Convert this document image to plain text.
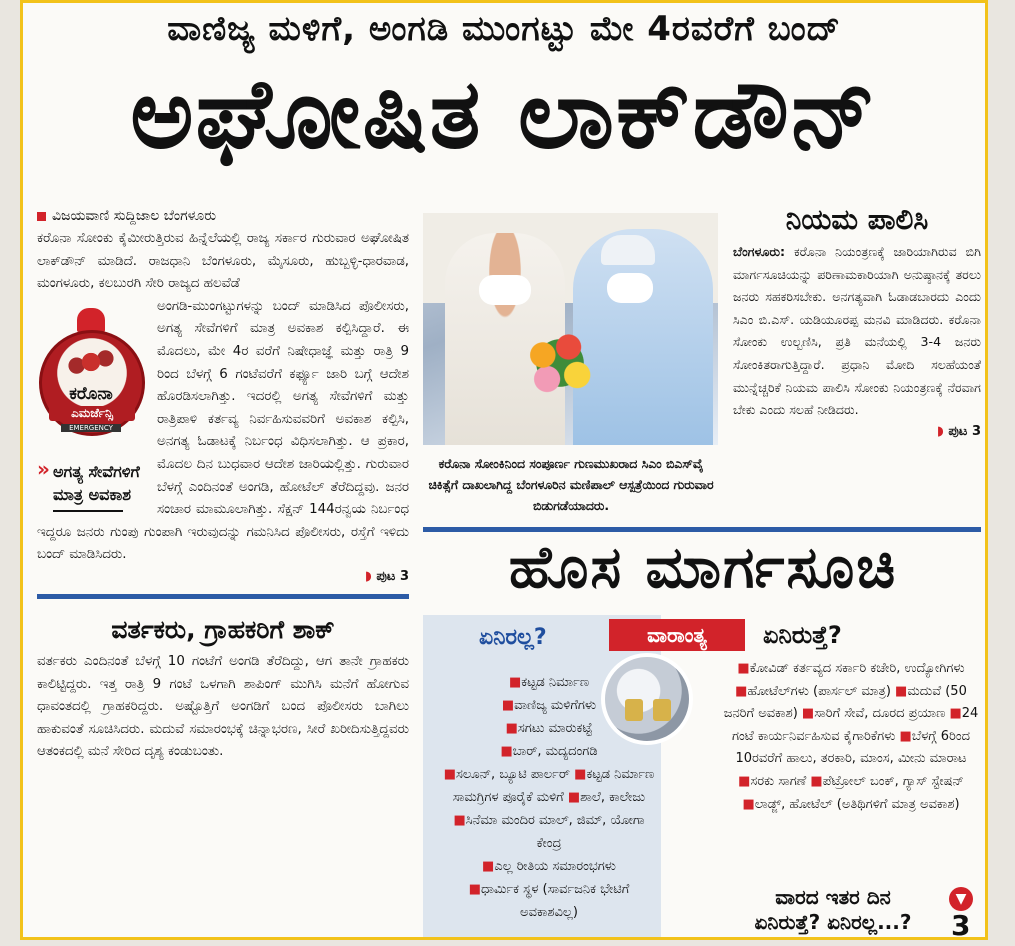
ವಾಣಿಜ್ಯ ಮಳಿಗೆ, ಅಂಗಡಿ ಮುಂಗಟ್ಟು ಮೇ 4ರವರೆಗೆ ಬಂದ್
ಅಘೋಷಿತ ಲಾಕ್‌ಡೌನ್
ವಿಜಯವಾಣಿ ಸುದ್ದಿಜಾಲ ಬೆಂಗಳೂರು
ಕರೊನಾ ಸೋಂಕು ಕೈಮೀರುತ್ತಿರುವ ಹಿನ್ನೆಲೆಯಲ್ಲಿ ರಾಜ್ಯ ಸರ್ಕಾರ ಗುರುವಾರ ಅಘೋಷಿತ ಲಾಕ್‌ಡೌನ್ ಮಾಡಿದೆ. ರಾಜಧಾನಿ ಬೆಂಗಳೂರು, ಮೈಸೂರು, ಹುಬ್ಬಳ್ಳಿ-ಧಾರವಾಡ, ಮಂಗಳೂರು, ಕಲಬುರಗಿ ಸೇರಿ ರಾಜ್ಯದ ಹಲವೆಡೆ
ಕರೊನಾ
ಎಮರ್ಜೆನ್ಸಿ
EMERGENCY
» ಅಗತ್ಯ ಸೇವೆಗಳಿಗೆ ಮಾತ್ರ ಅವಕಾಶ
ಅಂಗಡಿ-ಮುಂಗಟ್ಟುಗಳನ್ನು ಬಂದ್ ಮಾಡಿಸಿದ ಪೊಲೀಸರು, ಅಗತ್ಯ ಸೇವೆಗಳಿಗೆ ಮಾತ್ರ ಅವಕಾಶ ಕಲ್ಪಿಸಿದ್ದಾರೆ. ಈ ಮೊದಲು, ಮೇ 4ರ ವರೆಗೆ ನಿಷೇಧಾಜ್ಞೆ ಮತ್ತು ರಾತ್ರಿ 9 ರಿಂದ ಬೆಳಗ್ಗೆ 6 ಗಂಟೆವರೆಗೆ ಕರ್ಫ್ಯೂ ಜಾರಿ ಬಗ್ಗೆ ಆದೇಶ ಹೊರಡಿಸಲಾಗಿತ್ತು. ಇದರಲ್ಲಿ ಅಗತ್ಯ ಸೇವೆಗಳಿಗೆ ಮತ್ತು ರಾತ್ರಿಪಾಳಿ ಕರ್ತವ್ಯ ನಿರ್ವಹಿಸುವವರಿಗೆ ಅವಕಾಶ ಕಲ್ಪಿಸಿ, ಅನಗತ್ಯ ಓಡಾಟಕ್ಕೆ ನಿರ್ಬಂಧ ವಿಧಿಸಲಾಗಿತ್ತು. ಆ ಪ್ರಕಾರ, ಮೊದಲ ದಿನ ಬುಧವಾರ ಆದೇಶ ಜಾರಿಯಲ್ಲಿತ್ತು. ಗುರುವಾರ ಬೆಳಗ್ಗೆ ಎಂದಿನಂತೆ ಅಂಗಡಿ, ಹೋಟೆಲ್ ತೆರೆದಿದ್ದವು. ಜನರ ಸಂಚಾರ ಮಾಮೂಲಾಗಿತ್ತು. ಸೆಕ್ಷನ್ 144ರನ್ವಯ ನಿರ್ಬಂಧ ಇದ್ದರೂ ಜನರು ಗುಂಪು ಗುಂಪಾಗಿ ಇರುವುದನ್ನು ಗಮನಿಸಿದ ಪೊಲೀಸರು, ರಸ್ತೆಗೆ ಇಳಿದು ಬಂದ್ ಮಾಡಿಸಿದರು.
◗ ಪುಟ 3
ವರ್ತಕರು, ಗ್ರಾಹಕರಿಗೆ ಶಾಕ್
ವರ್ತಕರು ಎಂದಿನಂತೆ ಬೆಳಗ್ಗೆ 10 ಗಂಟೆಗೆ ಅಂಗಡಿ ತೆರೆದಿದ್ದು, ಆಗ ತಾನೇ ಗ್ರಾಹಕರು ಕಾಲಿಟ್ಟಿದ್ದರು. ಇತ್ತ ರಾತ್ರಿ 9 ಗಂಟೆ ಒಳಗಾಗಿ ಶಾಪಿಂಗ್ ಮುಗಿಸಿ ಮನೆಗೆ ಹೋಗುವ ಧಾವಂತದಲ್ಲಿ ಗ್ರಾಹಕರಿದ್ದರು. ಅಷ್ಟೊತ್ತಿಗೆ ಅಂಗಡಿಗೆ ಬಂದ ಪೊಲೀಸರು ಬಾಗಿಲು ಹಾಕುವಂತೆ ಸೂಚಿಸಿದರು. ಮದುವೆ ಸಮಾರಂಭಕ್ಕೆ ಚಿನ್ನಾಭರಣ, ಸೀರೆ ಖರೀದಿಸುತ್ತಿದ್ದವರು ಆತಂಕದಲ್ಲಿ ಮನೆ ಸೇರಿದ ದೃಶ್ಯ ಕಂಡುಬಂತು.
ಕರೊನಾ ಸೋಂಕಿನಿಂದ ಸಂಪೂರ್ಣ ಗುಣಮುಖರಾದ ಸಿಎಂ ಬಿಎಸ್‌ವೈ ಚಿಕಿತ್ಸೆಗೆ ದಾಖಲಾಗಿದ್ದ ಬೆಂಗಳೂರಿನ ಮಣಿಪಾಲ್ ಆಸ್ಪತ್ರೆಯಿಂದ ಗುರುವಾರ ಬಿಡುಗಡೆಯಾದರು.
ನಿಯಮ ಪಾಲಿಸಿ
ಬೆಂಗಳೂರು: ಕರೊನಾ ನಿಯಂತ್ರಣಕ್ಕೆ ಜಾರಿಯಾಗಿರುವ ಬಿಗಿ ಮಾರ್ಗಸೂಚಿಯನ್ನು ಪರಿಣಾಮಕಾರಿಯಾಗಿ ಅನುಷ್ಠಾನಕ್ಕೆ ತರಲು ಜನರು ಸಹಕರಿಸಬೇಕು. ಅನಗತ್ಯವಾಗಿ ಓಡಾಡಬಾರದು ಎಂದು ಸಿಎಂ ಬಿ.ಎಸ್. ಯಡಿಯೂರಪ್ಪ ಮನವಿ ಮಾಡಿದರು. ಕರೊನಾ ಸೋಂಕು ಉಲ್ಬಣಿಸಿ, ಪ್ರತಿ ಮನೆಯಲ್ಲಿ 3-4 ಜನರು ಸೋಂಕಿತರಾಗುತ್ತಿದ್ದಾರೆ. ಪ್ರಧಾನಿ ಮೋದಿ ಸಲಹೆಯಂತೆ ಮುನ್ನೆಚ್ಚರಿಕೆ ನಿಯಮ ಪಾಲಿಸಿ ಸೋಂಕು ನಿಯಂತ್ರಣಕ್ಕೆ ನೆರವಾಗ ಬೇಕು ಎಂದು ಸಲಹೆ ನೀಡಿದರು.
◗ ಪುಟ 3
ಹೊಸ ಮಾರ್ಗಸೂಚಿ
ಏನಿರಲ್ಲ?
■ಕಟ್ಟಡ ನಿರ್ಮಾಣ
■ವಾಣಿಜ್ಯ ಮಳಿಗೆಗಳು
■ಸಗಟು ಮಾರುಕಟ್ಟೆ
■ಬಾರ್, ಮದ್ಯದಂಗಡಿ
■ಸಲೂನ್, ಬ್ಯೂಟಿ ಪಾರ್ಲರ್ ■ಕಟ್ಟಡ ನಿರ್ಮಾಣ ಸಾಮಗ್ರಿಗಳ ಪೂರೈಕೆ ಮಳಿಗೆ ■ಶಾಲೆ, ಕಾಲೇಜು ■ಸಿನೆಮಾ ಮಂದಿರ ಮಾಲ್, ಜಿಮ್, ಯೋಗಾ ಕೇಂದ್ರ
■ಎಲ್ಲ ರೀತಿಯ ಸಮಾರಂಭಗಳು
■ಧಾರ್ಮಿಕ ಸ್ಥಳ (ಸಾರ್ವಜನಿಕ ಭೇಟಿಗೆ ಅವಕಾಶವಿಲ್ಲ)
ವಾರಾಂತ್ಯ	ಏನಿರುತ್ತೆ?
■ಕೋವಿಡ್ ಕರ್ತವ್ಯದ ಸರ್ಕಾರಿ ಕಚೇರಿ, ಉದ್ಯೋಗಿಗಳು ■ಹೋಟೆಲ್‌ಗಳು (ಪಾರ್ಸಲ್ ಮಾತ್ರ) ■ಮದುವೆ (50 ಜನರಿಗೆ ಅವಕಾಶ) ■ಸಾರಿಗೆ ಸೇವೆ, ದೂರದ ಪ್ರಯಾಣ ■24 ಗಂಟೆ ಕಾರ್ಯನಿರ್ವಹಿಸುವ ಕೈಗಾರಿಕೆಗಳು ■ಬೆಳಗ್ಗೆ 6ರಿಂದ 10ರವರೆಗೆ ಹಾಲು, ತರಕಾರಿ, ಮಾಂಸ, ಮೀನು ಮಾರಾಟ ■ಸರಕು ಸಾಗಣೆ ■ಪೆಟ್ರೋಲ್ ಬಂಕ್, ಗ್ಯಾಸ್ ಸ್ಟೇಷನ್ ■ಲಾಡ್ಜ್, ಹೋಟೆಲ್ (ಅತಿಥಿಗಳಿಗೆ ಮಾತ್ರ ಅವಕಾಶ)
ವಾರದ ಇತರ ದಿನ
ಏನಿರುತ್ತೆ? ಏನಿರಲ್ಲ...?
▼
3
